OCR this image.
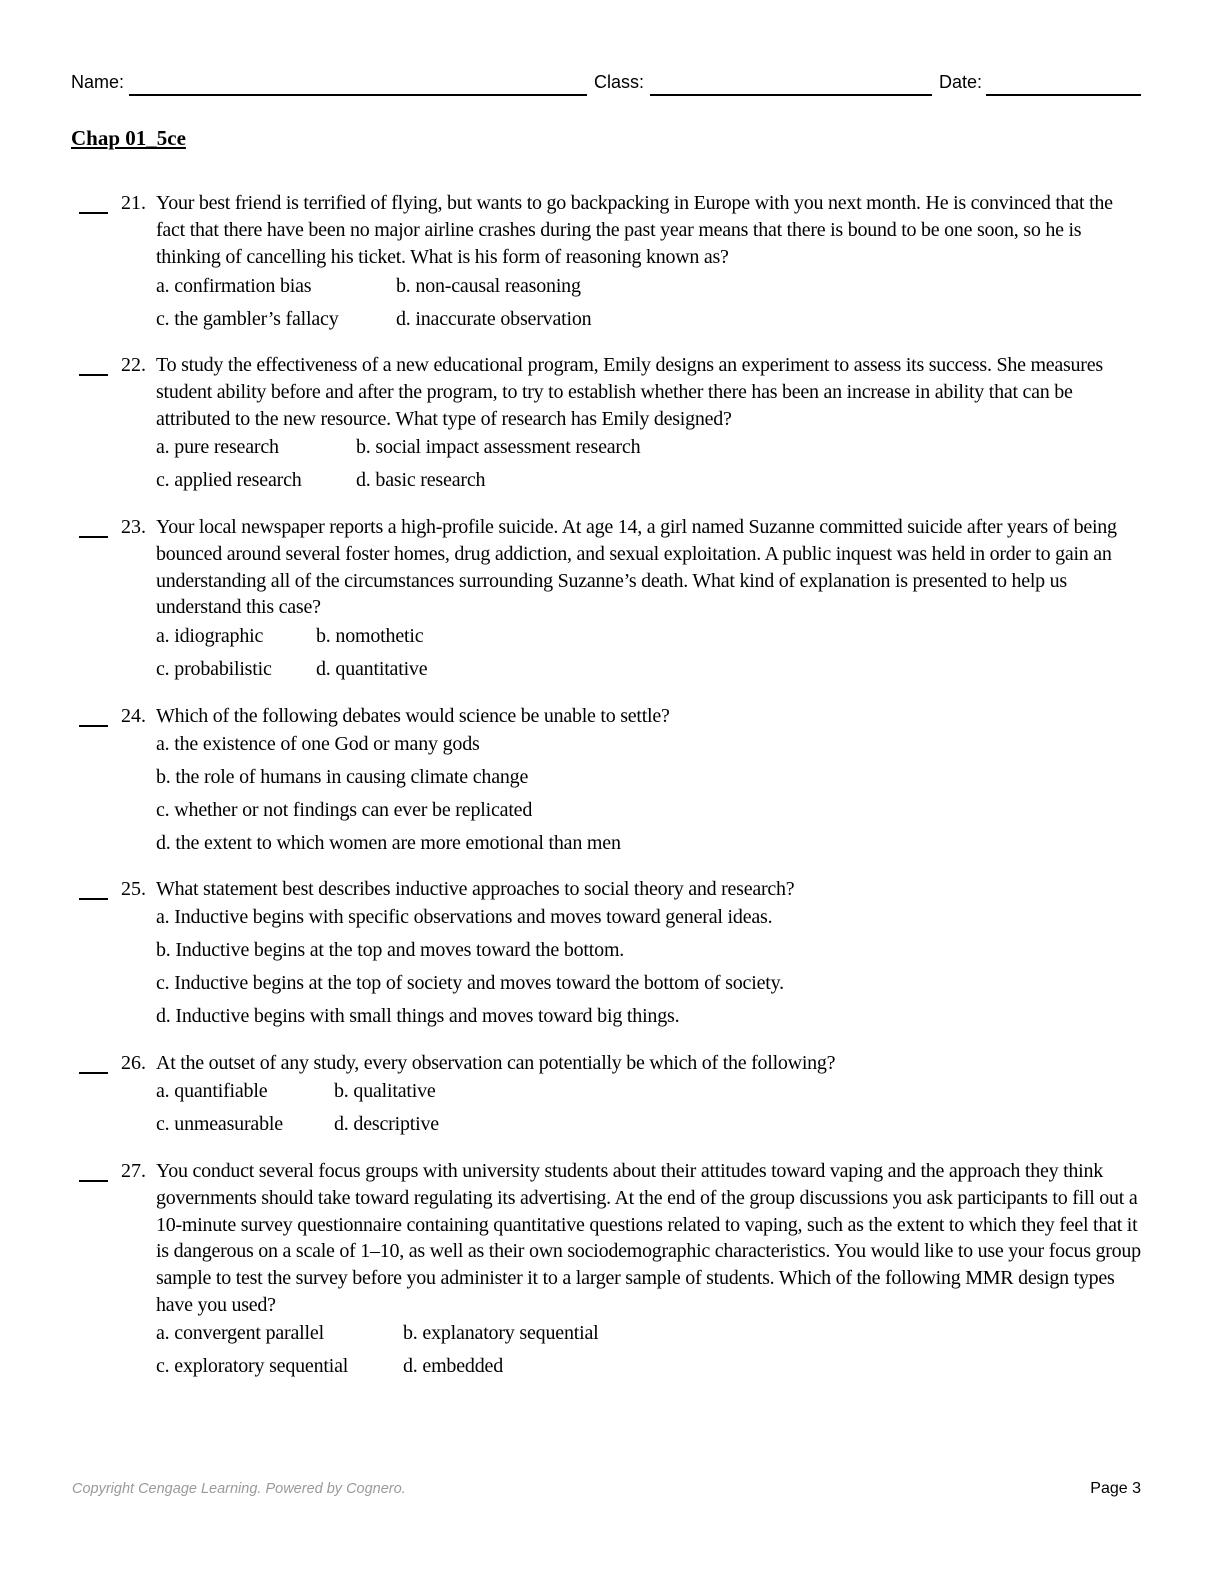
Name:	Class:	Date:
Chap 01_5ce
21. Your best friend is terrified of flying, but wants to go backpacking in Europe with you next month. He is convinced that the fact that there have been no major airline crashes during the past year means that there is bound to be one soon, so he is thinking of cancelling his ticket. What is his form of reasoning known as?
a. confirmation bias	b. non-causal reasoning
c. the gambler’s fallacy	d. inaccurate observation
22. To study the effectiveness of a new educational program, Emily designs an experiment to assess its success. She measures student ability before and after the program, to try to establish whether there has been an increase in ability that can be attributed to the new resource. What type of research has Emily designed?
a. pure research	b. social impact assessment research
c. applied research	d. basic research
23. Your local newspaper reports a high-profile suicide. At age 14, a girl named Suzanne committed suicide after years of being bounced around several foster homes, drug addiction, and sexual exploitation. A public inquest was held in order to gain an understanding all of the circumstances surrounding Suzanne’s death. What kind of explanation is presented to help us understand this case?
a. idiographic	b. nomothetic
c. probabilistic	d. quantitative
24. Which of the following debates would science be unable to settle?
a. the existence of one God or many gods
b. the role of humans in causing climate change
c. whether or not findings can ever be replicated
d. the extent to which women are more emotional than men
25. What statement best describes inductive approaches to social theory and research?
a. Inductive begins with specific observations and moves toward general ideas.
b. Inductive begins at the top and moves toward the bottom.
c. Inductive begins at the top of society and moves toward the bottom of society.
d. Inductive begins with small things and moves toward big things.
26. At the outset of any study, every observation can potentially be which of the following?
a. quantifiable	b. qualitative
c. unmeasurable	d. descriptive
27. You conduct several focus groups with university students about their attitudes toward vaping and the approach they think governments should take toward regulating its advertising. At the end of the group discussions you ask participants to fill out a 10-minute survey questionnaire containing quantitative questions related to vaping, such as the extent to which they feel that it is dangerous on a scale of 1–10, as well as their own sociodemographic characteristics. You would like to use your focus group sample to test the survey before you administer it to a larger sample of students. Which of the following MMR design types have you used?
a. convergent parallel	b. explanatory sequential
c. exploratory sequential	d. embedded
Copyright Cengage Learning. Powered by Cognero.	Page 3
